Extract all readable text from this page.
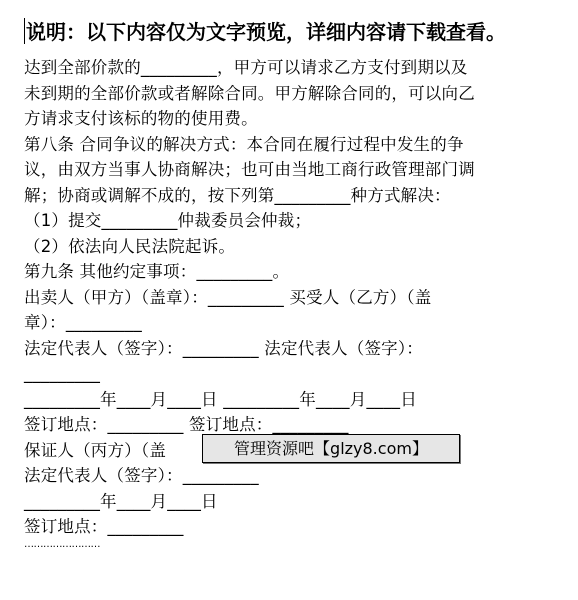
说明：以下内容仅为文字预览，详细内容请下载查看。
达到全部价款的_________，甲方可以请求乙方支付到期以及
未到期的全部价款或者解除合同。甲方解除合同的，可以向乙
方请求支付该标的物的使用费。
第八条 合同争议的解决方式：本合同在履行过程中发生的争
议，由双方当事人协商解决；也可由当地工商行政管理部门调
解；协商或调解不成的，按下列第_________种方式解决：
（1）提交_________仲裁委员会仲裁；
（2）依法向人民法院起诉。
第九条 其他约定事项：_________。
出卖人（甲方）（盖章）：_________ 买受人（乙方）（盖
章）：_________
法定代表人（签字）：_________ 法定代表人（签字）：
_________
_________年____月____日 _________年____月____日
签订地点：_________ 签订地点：_________
保证人（丙方）（盖
法定代表人（签字）：_________
_________年____月____日
签订地点：_________
管理资源吧【glzy8.com】
……………………
